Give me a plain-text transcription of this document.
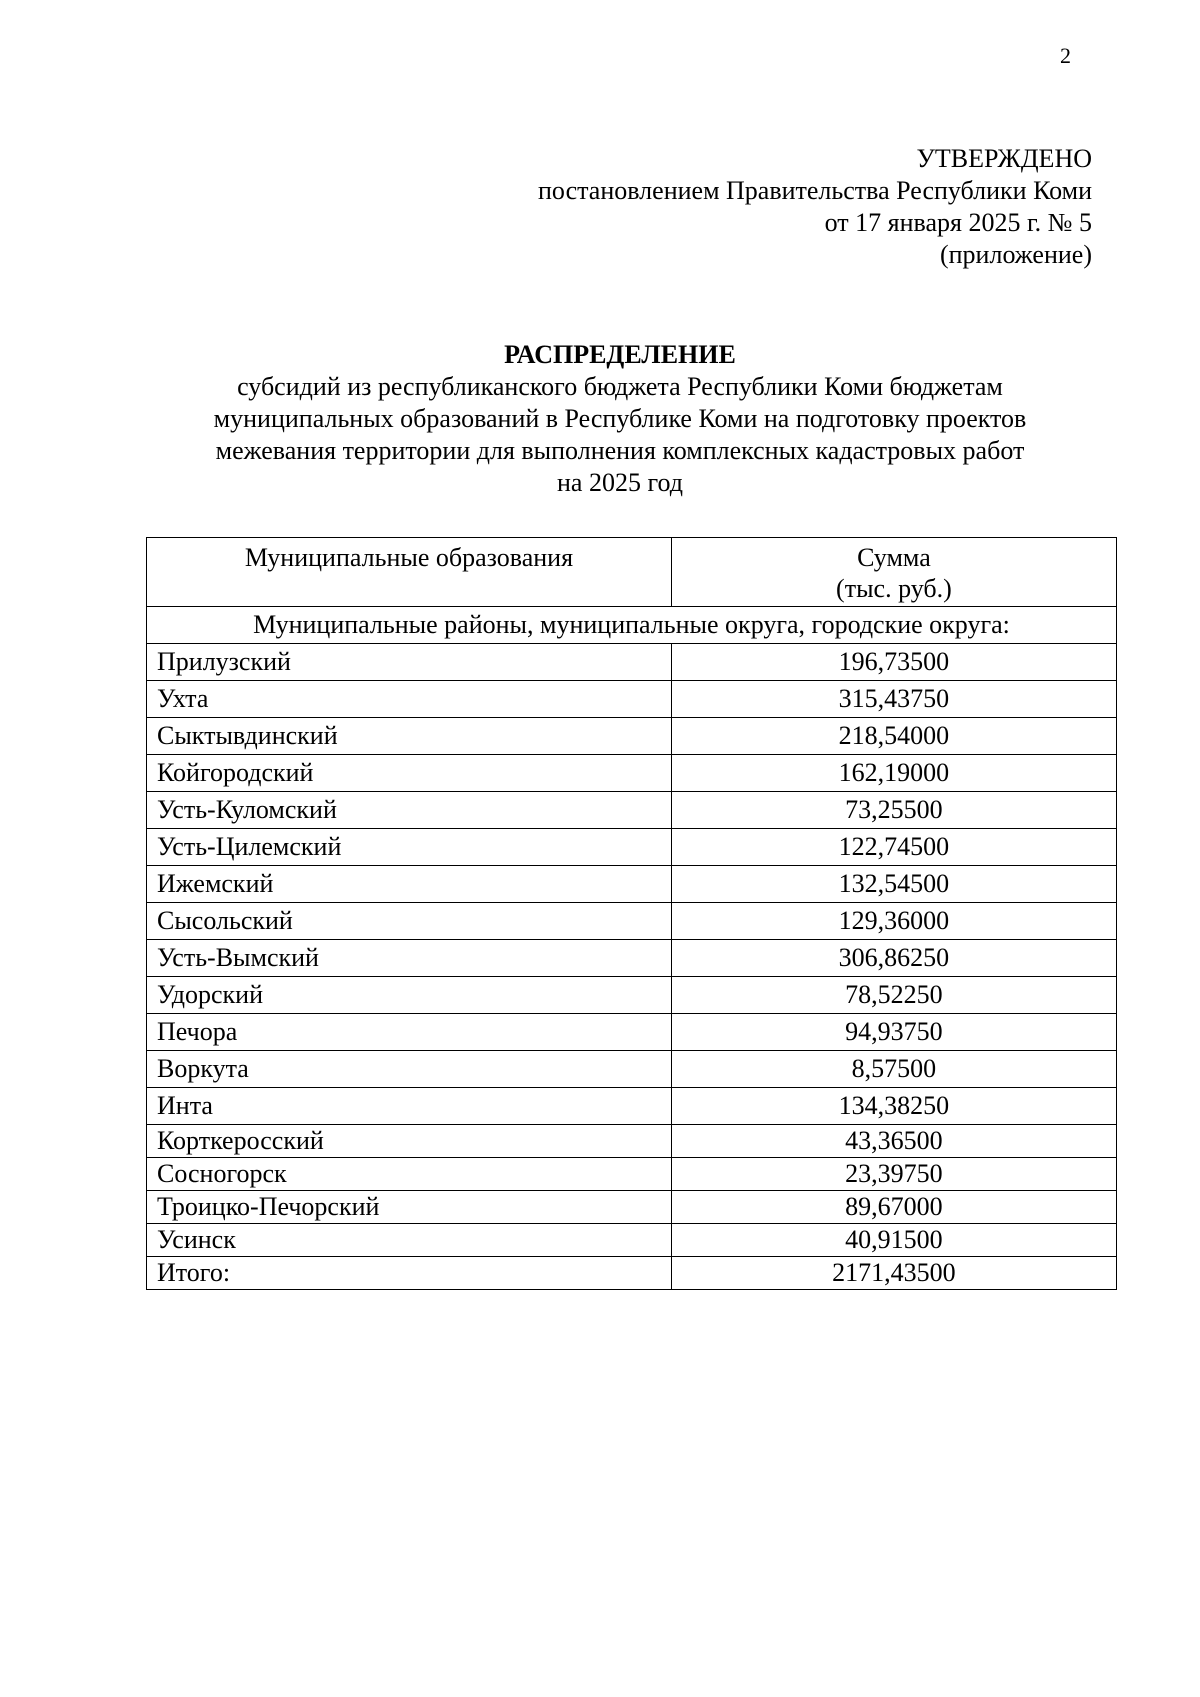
2
УТВЕРЖДЕНО
постановлением Правительства Республики Коми
от 17 января 2025 г. № 5
(приложение)
РАСПРЕДЕЛЕНИЕ
субсидий из республиканского бюджета Республики Коми бюджетам
муниципальных образований в Республике Коми на подготовку проектов
межевания территории для выполнения комплексных кадастровых работ
на 2025 год
Муниципальные образования	Сумма
(тыс. руб.)

Муниципальные районы, муниципальные округа, городские округа:	
Прилузский	196,73500
Ухта	315,43750
Сыктывдинский	218,54000
Койгородский	162,19000
Усть-Куломский	73,25500
Усть-Цилемский	122,74500
Ижемский	132,54500
Сысольский	129,36000
Усть-Вымский	306,86250
Удорский	78,52250
Печора	94,93750
Воркута	8,57500
Инта	134,38250
Корткеросский	43,36500
Сосногорск	23,39750
Троицко-Печорский	89,67000
Усинск	40,91500
Итого:	2171,43500
